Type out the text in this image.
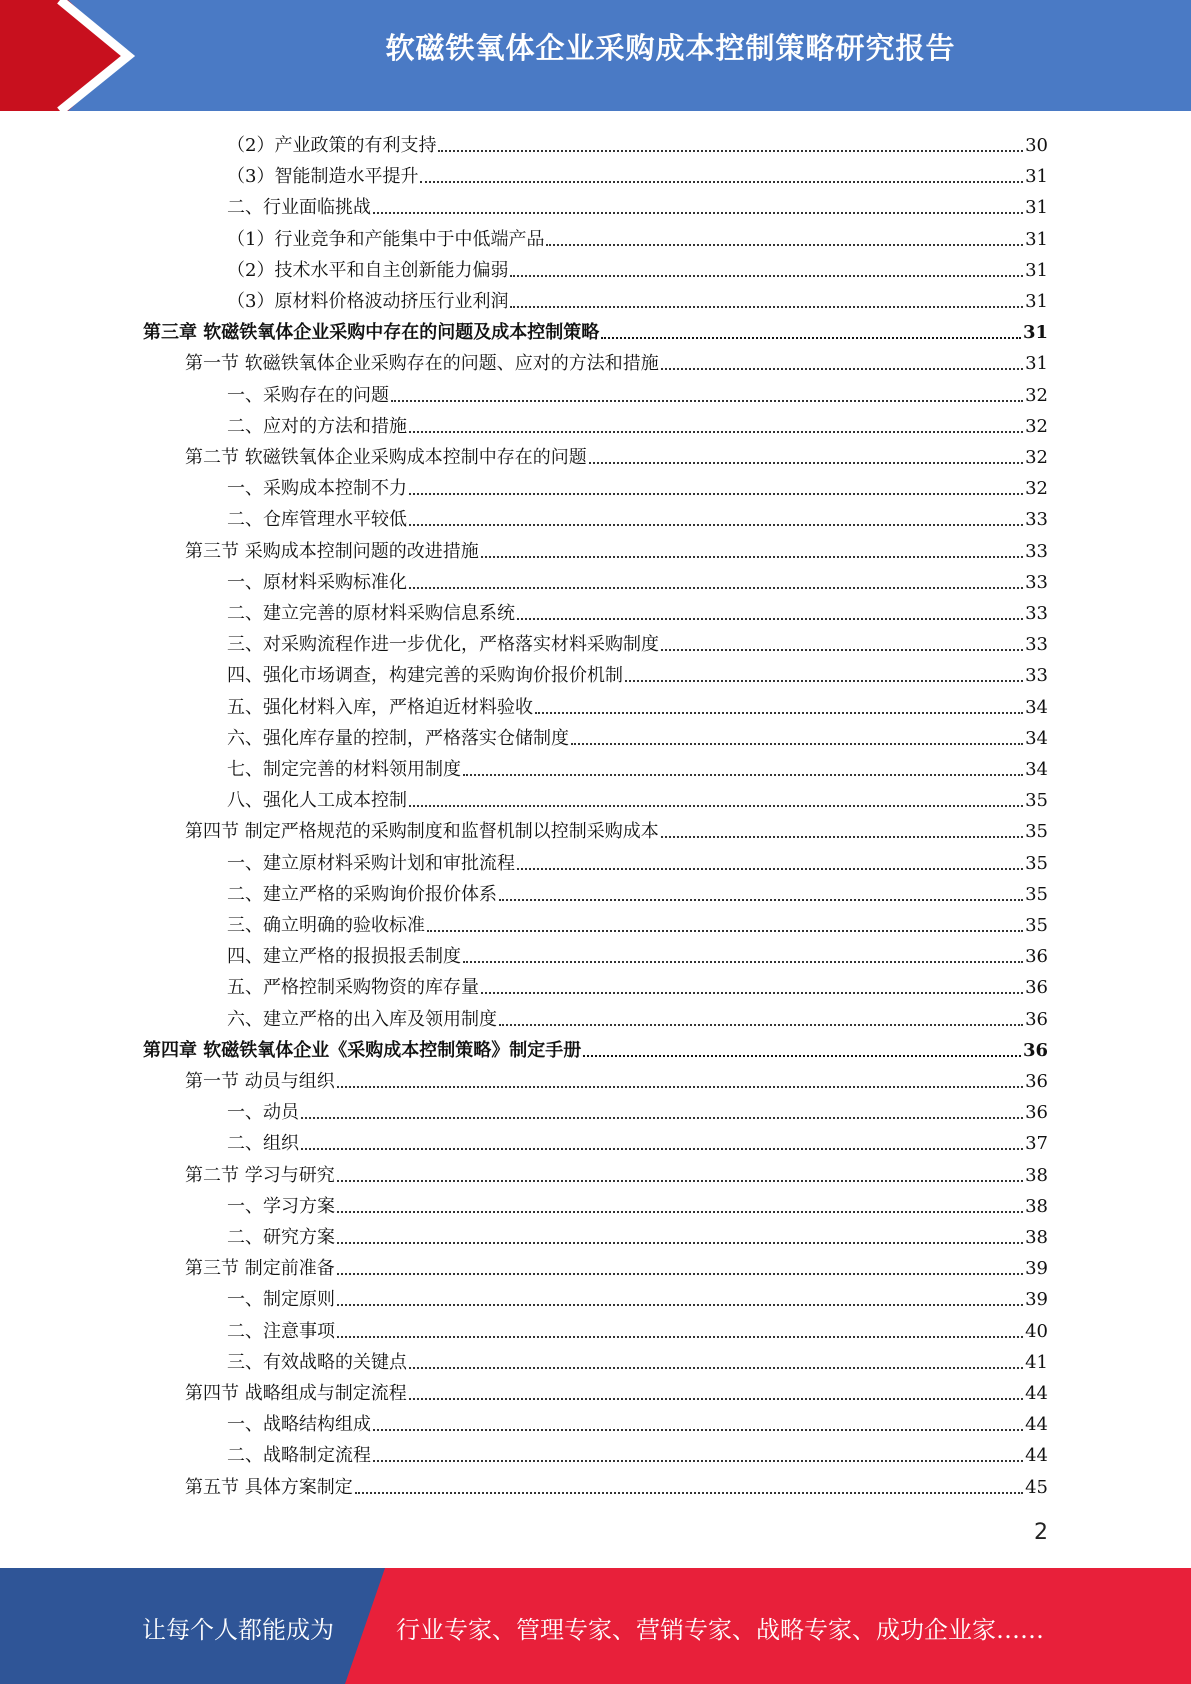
软磁铁氧体企业采购成本控制策略研究报告
（2）产业政策的有利支持	30
（3）智能制造水平提升	31
二、行业面临挑战	31
（1）行业竞争和产能集中于中低端产品	31
（2）技术水平和自主创新能力偏弱	31
（3）原材料价格波动挤压行业利润	31
第三章 软磁铁氧体企业采购中存在的问题及成本控制策略	31
第一节 软磁铁氧体企业采购存在的问题、应对的方法和措施	31
一、采购存在的问题	32
二、应对的方法和措施	32
第二节 软磁铁氧体企业采购成本控制中存在的问题	32
一、采购成本控制不力	32
二、仓库管理水平较低	33
第三节 采购成本控制问题的改进措施	33
一、原材料采购标准化	33
二、建立完善的原材料采购信息系统	33
三、对采购流程作进一步优化，严格落实材料采购制度	33
四、强化市场调查，构建完善的采购询价报价机制	33
五、强化材料入库，严格迫近材料验收	34
六、强化库存量的控制，严格落实仓储制度	34
七、制定完善的材料领用制度	34
八、强化人工成本控制	35
第四节 制定严格规范的采购制度和监督机制以控制采购成本	35
一、建立原材料采购计划和审批流程	35
二、建立严格的采购询价报价体系	35
三、确立明确的验收标准	35
四、建立严格的报损报丢制度	36
五、严格控制采购物资的库存量	36
六、建立严格的出入库及领用制度	36
第四章 软磁铁氧体企业《采购成本控制策略》制定手册	36
第一节 动员与组织	36
一、动员	36
二、组织	37
第二节 学习与研究	38
一、学习方案	38
二、研究方案	38
第三节 制定前准备	39
一、制定原则	39
二、注意事项	40
三、有效战略的关键点	41
第四节 战略组成与制定流程	44
一、战略结构组成	44
二、战略制定流程	44
第五节 具体方案制定	45
2
让每个人都能成为	行业专家、管理专家、营销专家、战略专家、成功企业家……
